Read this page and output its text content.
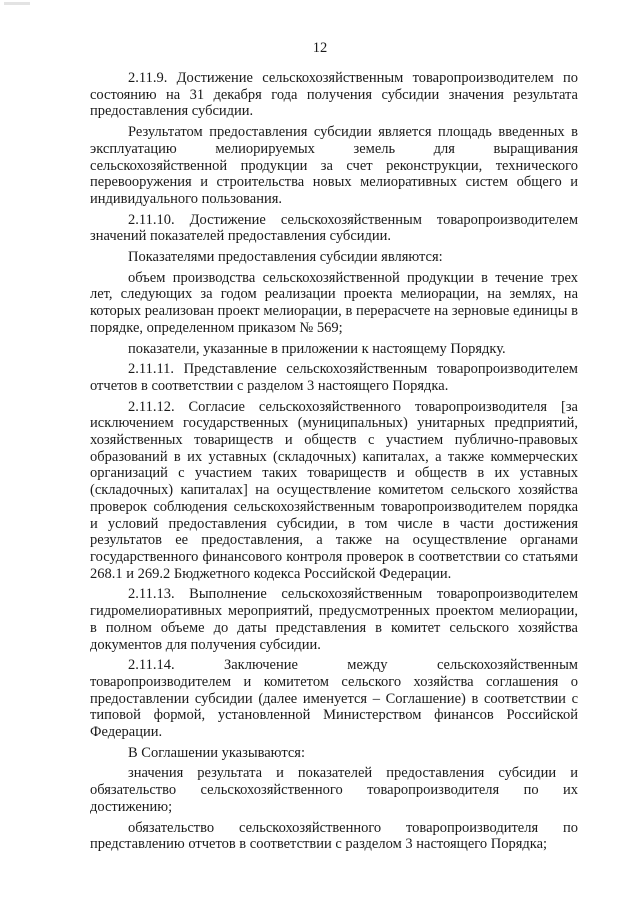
12

2.11.9. Достижение сельскохозяйственным товаропроизводителем по состоянию на 31 декабря года получения субсидии значения результата предоставления субсидии.

Результатом предоставления субсидии является площадь введенных в эксплуатацию мелиорируемых земель для выращивания сельскохозяйственной продукции за счет реконструкции, технического перевооружения и строительства новых мелиоративных систем общего и индивидуального пользования.

2.11.10. Достижение сельскохозяйственным товаропроизводителем значений показателей предоставления субсидии.

Показателями предоставления субсидии являются:

объем производства сельскохозяйственной продукции в течение трех лет, следующих за годом реализации проекта мелиорации, на землях, на которых реализован проект мелиорации, в перерасчете на зерновые единицы в порядке, определенном приказом № 569;

показатели, указанные в приложении к настоящему Порядку.

2.11.11. Представление сельскохозяйственным товаропроизводителем отчетов в соответствии с разделом 3 настоящего Порядка.

2.11.12. Согласие сельскохозяйственного товаропроизводителя [за исключением государственных (муниципальных) унитарных предприятий, хозяйственных товариществ и обществ с участием публично-правовых образований в их уставных (складочных) капиталах, а также коммерческих организаций с участием таких товариществ и обществ в их уставных (складочных) капиталах] на осуществление комитетом сельского хозяйства проверок соблюдения сельскохозяйственным товаропроизводителем порядка и условий предоставления субсидии, в том числе в части достижения результатов ее предоставления, а также на осуществление органами государственного финансового контроля проверок в соответствии со статьями 268.1 и 269.2 Бюджетного кодекса Российской Федерации.

2.11.13. Выполнение сельскохозяйственным товаропроизводителем гидромелиоративных мероприятий, предусмотренных проектом мелиорации, в полном объеме до даты представления в комитет сельского хозяйства документов для получения субсидии.

2.11.14. Заключение между сельскохозяйственным товаропроизводителем и комитетом сельского хозяйства соглашения о предоставлении субсидии (далее именуется – Соглашение) в соответствии с типовой формой, установленной Министерством финансов Российской Федерации.

В Соглашении указываются:

значения результата и показателей предоставления субсидии и обязательство сельскохозяйственного товаропроизводителя по их достижению;

обязательство сельскохозяйственного товаропроизводителя по представлению отчетов в соответствии с разделом 3 настоящего Порядка;
